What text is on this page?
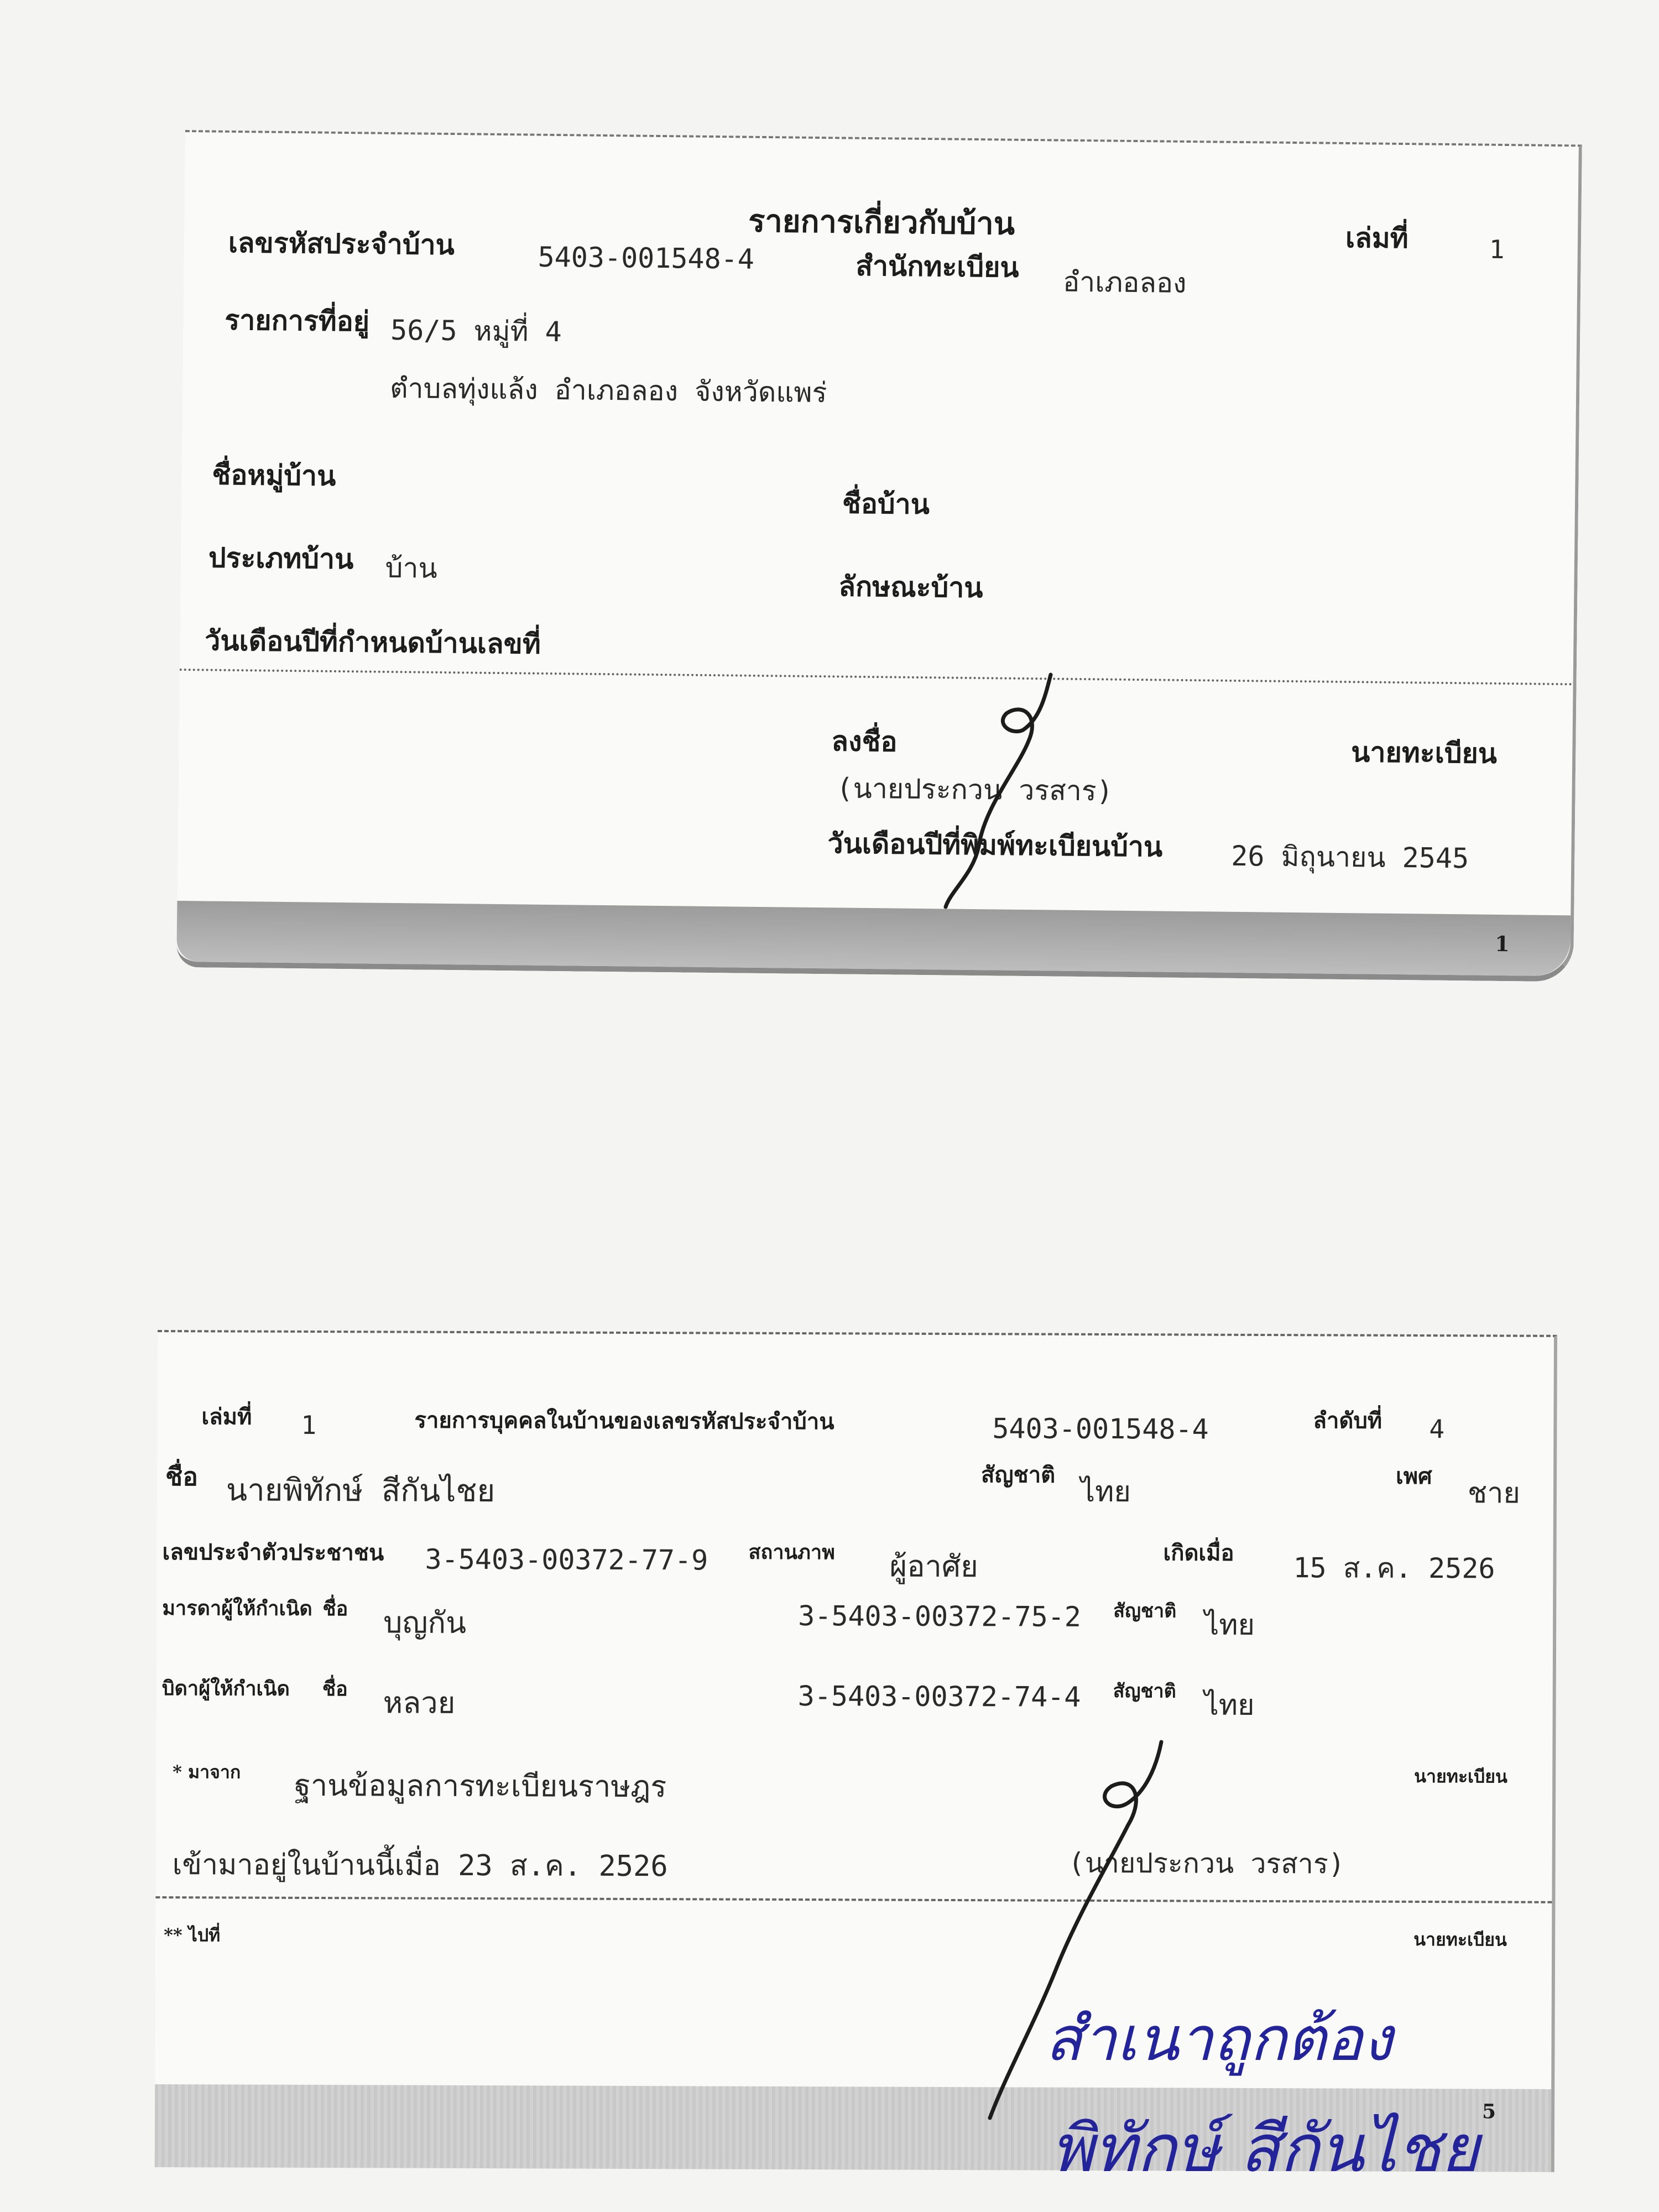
รายการเกี่ยวกับบ้าน
เลขรหัสประจำบ้าน	5403-001548-4	สำนักทะเบียน อำเภอลอง
เล่มที่	1
รายการที่อยู่ 56/5 หมู่ที่ 4
ตำบลทุ่งแล้ง อำเภอลอง จังหวัดแพร่
ชื่อหมู่บ้าน
ชื่อบ้าน
ประเภทบ้าน บ้าน
ลักษณะบ้าน
วันเดือนปีที่กำหนดบ้านเลขที่
ลงชื่อ	นายทะเบียน
(นายประกวน วรสาร)
วันเดือนปีที่พิมพ์ทะเบียนบ้าน 26 มิถุนายน 2545
1
เล่มที่ 1	รายการบุคคลในบ้านของเลขรหัสประจำบ้าน	5403-001548-4	ลำดับที่ 4
ชื่อ นายพิทักษ์ สีกันไชย	สัญชาติ
ไทย	เพศ
ชาย
เลขประจำตัวประชาชน 3-5403-00372-77-9 สถานภาพ ผู้อาศัย	เกิดเมื่อ 15 ส.ค. 2526
มารดาผู้ให้กำเนิด ชื่อ บุญกัน	3-5403-00372-75-2 สัญชาติ ไทย
บิดาผู้ให้กำเนิด ชื่อ หลวย	3-5403-00372-74-4 สัญชาติ ไทย
* มาจาก ฐานข้อมูลการทะเบียนราษฎร	นายทะเบียน
เข้ามาอยู่ในบ้านนี้เมื่อ 23 ส.ค. 2526	(นายประกวน วรสาร)
** ไปที่	นายทะเบียน
5
สำเนาถูกต้อง
พิทักษ์ สีกันไชย
